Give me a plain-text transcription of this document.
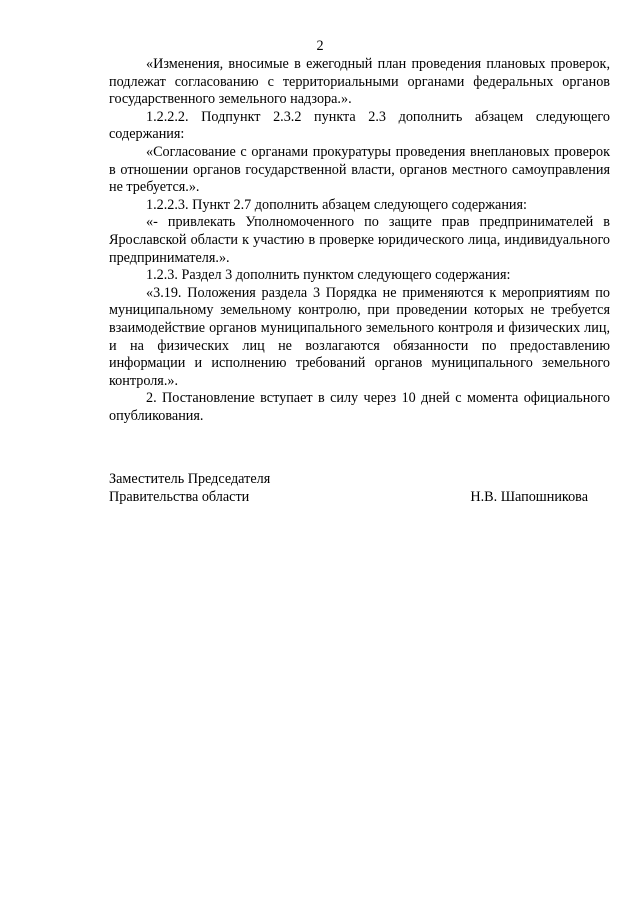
2

«Изменения, вносимые в ежегодный план проведения плановых проверок, подлежат согласованию с территориальными органами федеральных органов государственного земельного надзора.».

1.2.2.2. Подпункт 2.3.2 пункта 2.3 дополнить абзацем следующего содержания:

«Согласование с органами прокуратуры проведения внеплановых проверок в отношении органов государственной власти, органов местного самоуправления не требуется.».

1.2.2.3. Пункт 2.7 дополнить абзацем следующего содержания:

«- привлекать Уполномоченного по защите прав предпринимателей в Ярославской области к участию в проверке юридического лица, индивидуального предпринимателя.».

1.2.3. Раздел 3 дополнить пунктом следующего содержания:

«3.19. Положения раздела 3 Порядка не применяются к мероприятиям по муниципальному земельному контролю, при проведении которых не требуется взаимодействие органов муниципального земельного контроля и физических лиц, и на физических лиц не возлагаются обязанности по предоставлению информации и исполнению требований органов муниципального земельного контроля.».

2. Постановление вступает в силу через 10 дней с момента официального опубликования.

Заместитель Председателя
Правительства области	Н.В. Шапошникова
